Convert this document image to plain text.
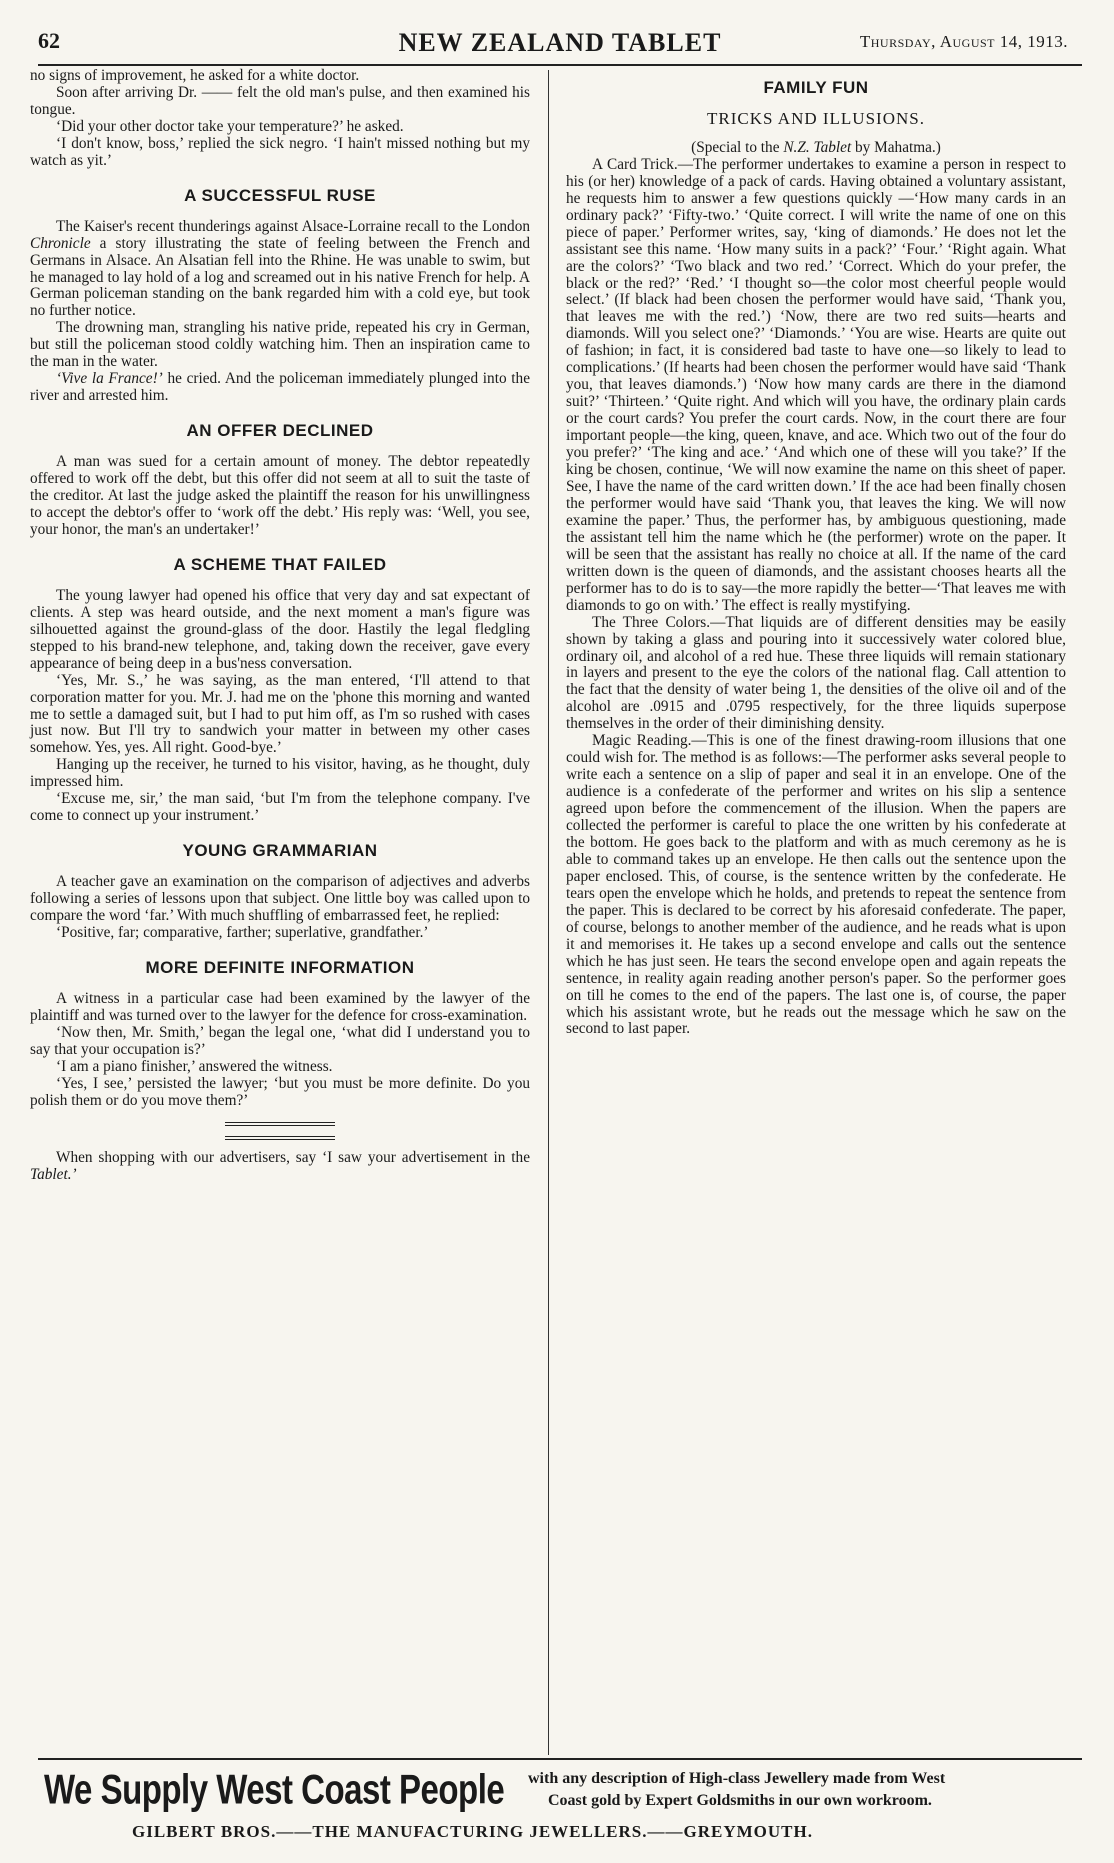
62	NEW ZEALAND TABLET	Thursday, August 14, 1913.

no signs of improvement, he asked for a white doctor.

Soon after arriving Dr. —— felt the old man's pulse, and then examined his tongue.

‘Did your other doctor take your temperature?’ he asked.

‘I don't know, boss,’ replied the sick negro. ‘I hain't missed nothing but my watch as yit.’

A SUCCESSFUL RUSE

The Kaiser's recent thunderings against Alsace-Lorraine recall to the London Chronicle a story illustrating the state of feeling between the French and Germans in Alsace. An Alsatian fell into the Rhine. He was unable to swim, but he managed to lay hold of a log and screamed out in his native French for help. A German policeman standing on the bank regarded him with a cold eye, but took no further notice.

The drowning man, strangling his native pride, repeated his cry in German, but still the policeman stood coldly watching him. Then an inspiration came to the man in the water.

‘Vive la France!’ he cried. And the policeman immediately plunged into the river and arrested him.

AN OFFER DECLINED

A man was sued for a certain amount of money. The debtor repeatedly offered to work off the debt, but this offer did not seem at all to suit the taste of the creditor. At last the judge asked the plaintiff the reason for his unwillingness to accept the debtor's offer to ‘work off the debt.’ His reply was: ‘Well, you see, your honor, the man's an undertaker!’

A SCHEME THAT FAILED

The young lawyer had opened his office that very day and sat expectant of clients. A step was heard outside, and the next moment a man's figure was silhouetted against the ground-glass of the door. Hastily the legal fledgling stepped to his brand-new telephone, and, taking down the receiver, gave every appearance of being deep in a bus'ness conversation.

‘Yes, Mr. S.,’ he was saying, as the man entered, ‘I'll attend to that corporation matter for you. Mr. J. had me on the 'phone this morning and wanted me to settle a damaged suit, but I had to put him off, as I'm so rushed with cases just now. But I'll try to sandwich your matter in between my other cases somehow. Yes, yes. All right. Good-bye.’

Hanging up the receiver, he turned to his visitor, having, as he thought, duly impressed him.

‘Excuse me, sir,’ the man said, ‘but I'm from the telephone company. I've come to connect up your instrument.’

YOUNG GRAMMARIAN

A teacher gave an examination on the comparison of adjectives and adverbs following a series of lessons upon that subject. One little boy was called upon to compare the word ‘far.’ With much shuffling of embarrassed feet, he replied:

‘Positive, far; comparative, farther; superlative, grandfather.’

MORE DEFINITE INFORMATION

A witness in a particular case had been examined by the lawyer of the plaintiff and was turned over to the lawyer for the defence for cross-examination.

‘Now then, Mr. Smith,’ began the legal one, ‘what did I understand you to say that your occupation is?’

‘I am a piano finisher,’ answered the witness.

‘Yes, I see,’ persisted the lawyer; ‘but you must be more definite. Do you polish them or do you move them?’

When shopping with our advertisers, say ‘I saw your advertisement in the Tablet.’

FAMILY FUN
TRICKS AND ILLUSIONS.

(Special to the N.Z. Tablet by Mahatma.)

A Card Trick.—The performer undertakes to examine a person in respect to his (or her) knowledge of a pack of cards. Having obtained a voluntary assistant, he requests him to answer a few questions quickly —‘How many cards in an ordinary pack?’ ‘Fifty-two.’ ‘Quite correct. I will write the name of one on this piece of paper.’ Performer writes, say, ‘king of diamonds.’ He does not let the assistant see this name. ‘How many suits in a pack?’ ‘Four.’ ‘Right again. What are the colors?’ ‘Two black and two red.’ ‘Correct. Which do your prefer, the black or the red?’ ‘Red.’ ‘I thought so—the color most cheerful people would select.’ (If black had been chosen the performer would have said, ‘Thank you, that leaves me with the red.’) ‘Now, there are two red suits—hearts and diamonds. Will you select one?’ ‘Diamonds.’ ‘You are wise. Hearts are quite out of fashion; in fact, it is considered bad taste to have one—so likely to lead to complications.’ (If hearts had been chosen the performer would have said ‘Thank you, that leaves diamonds.’) ‘Now how many cards are there in the diamond suit?’ ‘Thirteen.’ ‘Quite right. And which will you have, the ordinary plain cards or the court cards? You prefer the court cards. Now, in the court there are four important people—the king, queen, knave, and ace. Which two out of the four do you prefer?’ ‘The king and ace.’ ‘And which one of these will you take?’ If the king be chosen, continue, ‘We will now examine the name on this sheet of paper. See, I have the name of the card written down.’ If the ace had been finally chosen the performer would have said ‘Thank you, that leaves the king. We will now examine the paper.’ Thus, the performer has, by ambiguous questioning, made the assistant tell him the name which he (the performer) wrote on the paper. It will be seen that the assistant has really no choice at all. If the name of the card written down is the queen of diamonds, and the assistant chooses hearts all the performer has to do is to say—the more rapidly the better—‘That leaves me with diamonds to go on with.’ The effect is really mystifying.

The Three Colors.—That liquids are of different densities may be easily shown by taking a glass and pouring into it successively water colored blue, ordinary oil, and alcohol of a red hue. These three liquids will remain stationary in layers and present to the eye the colors of the national flag. Call attention to the fact that the density of water being 1, the densities of the olive oil and of the alcohol are .0915 and .0795 respectively, for the three liquids superpose themselves in the order of their diminishing density.

Magic Reading.—This is one of the finest drawing-room illusions that one could wish for. The method is as follows:—The performer asks several people to write each a sentence on a slip of paper and seal it in an envelope. One of the audience is a confederate of the performer and writes on his slip a sentence agreed upon before the commencement of the illusion. When the papers are collected the performer is careful to place the one written by his confederate at the bottom. He goes back to the platform and with as much ceremony as he is able to command takes up an envelope. He then calls out the sentence upon the paper enclosed. This, of course, is the sentence written by the confederate. He tears open the envelope which he holds, and pretends to repeat the sentence from the paper. This is declared to be correct by his aforesaid confederate. The paper, of course, belongs to another member of the audience, and he reads what is upon it and memorises it. He takes up a second envelope and calls out the sentence which he has just seen. He tears the second envelope open and again repeats the sentence, in reality again reading another person's paper. So the performer goes on till he comes to the end of the papers. The last one is, of course, the paper which his assistant wrote, but he reads out the message which he saw on the second to last paper.

We Supply West Coast People with any description of High-class Jewellery made from West
Coast gold by Expert Goldsmiths in our own workroom.
GILBERT BROS.——THE MANUFACTURING JEWELLERS.——GREYMOUTH.
